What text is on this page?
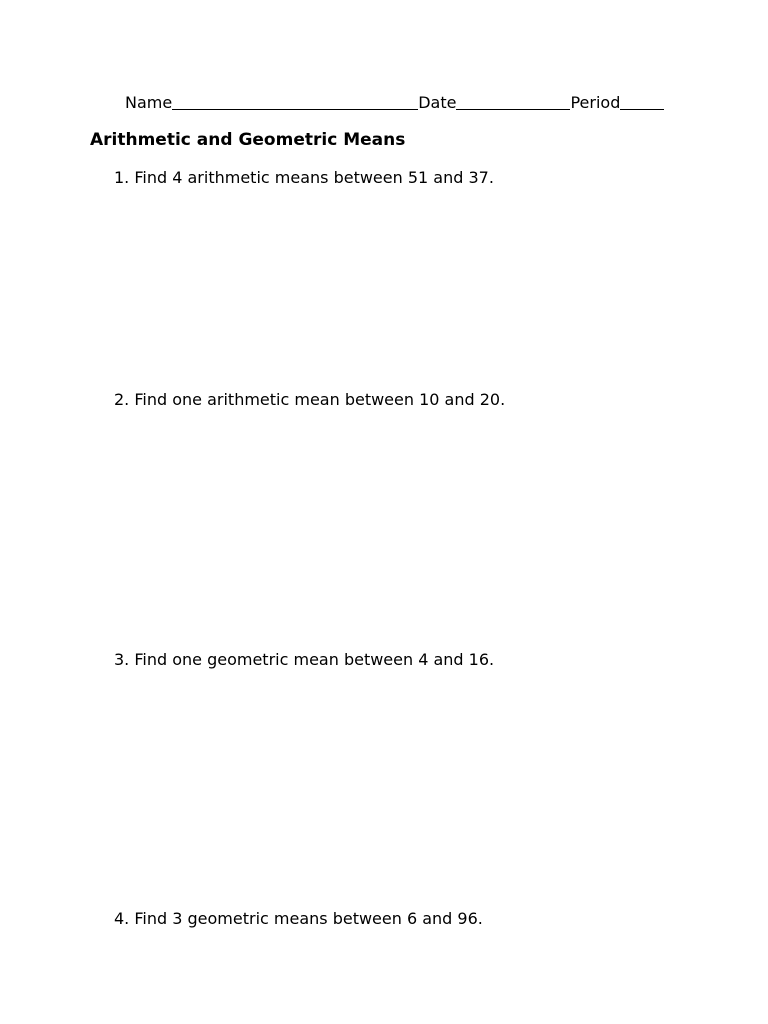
Name	Date	Period
Arithmetic and Geometric Means
1. Find 4 arithmetic means between 51 and 37.
2. Find one arithmetic mean between 10 and 20.
3. Find one geometric mean between 4 and 16.
4. Find 3 geometric means between 6 and 96.
